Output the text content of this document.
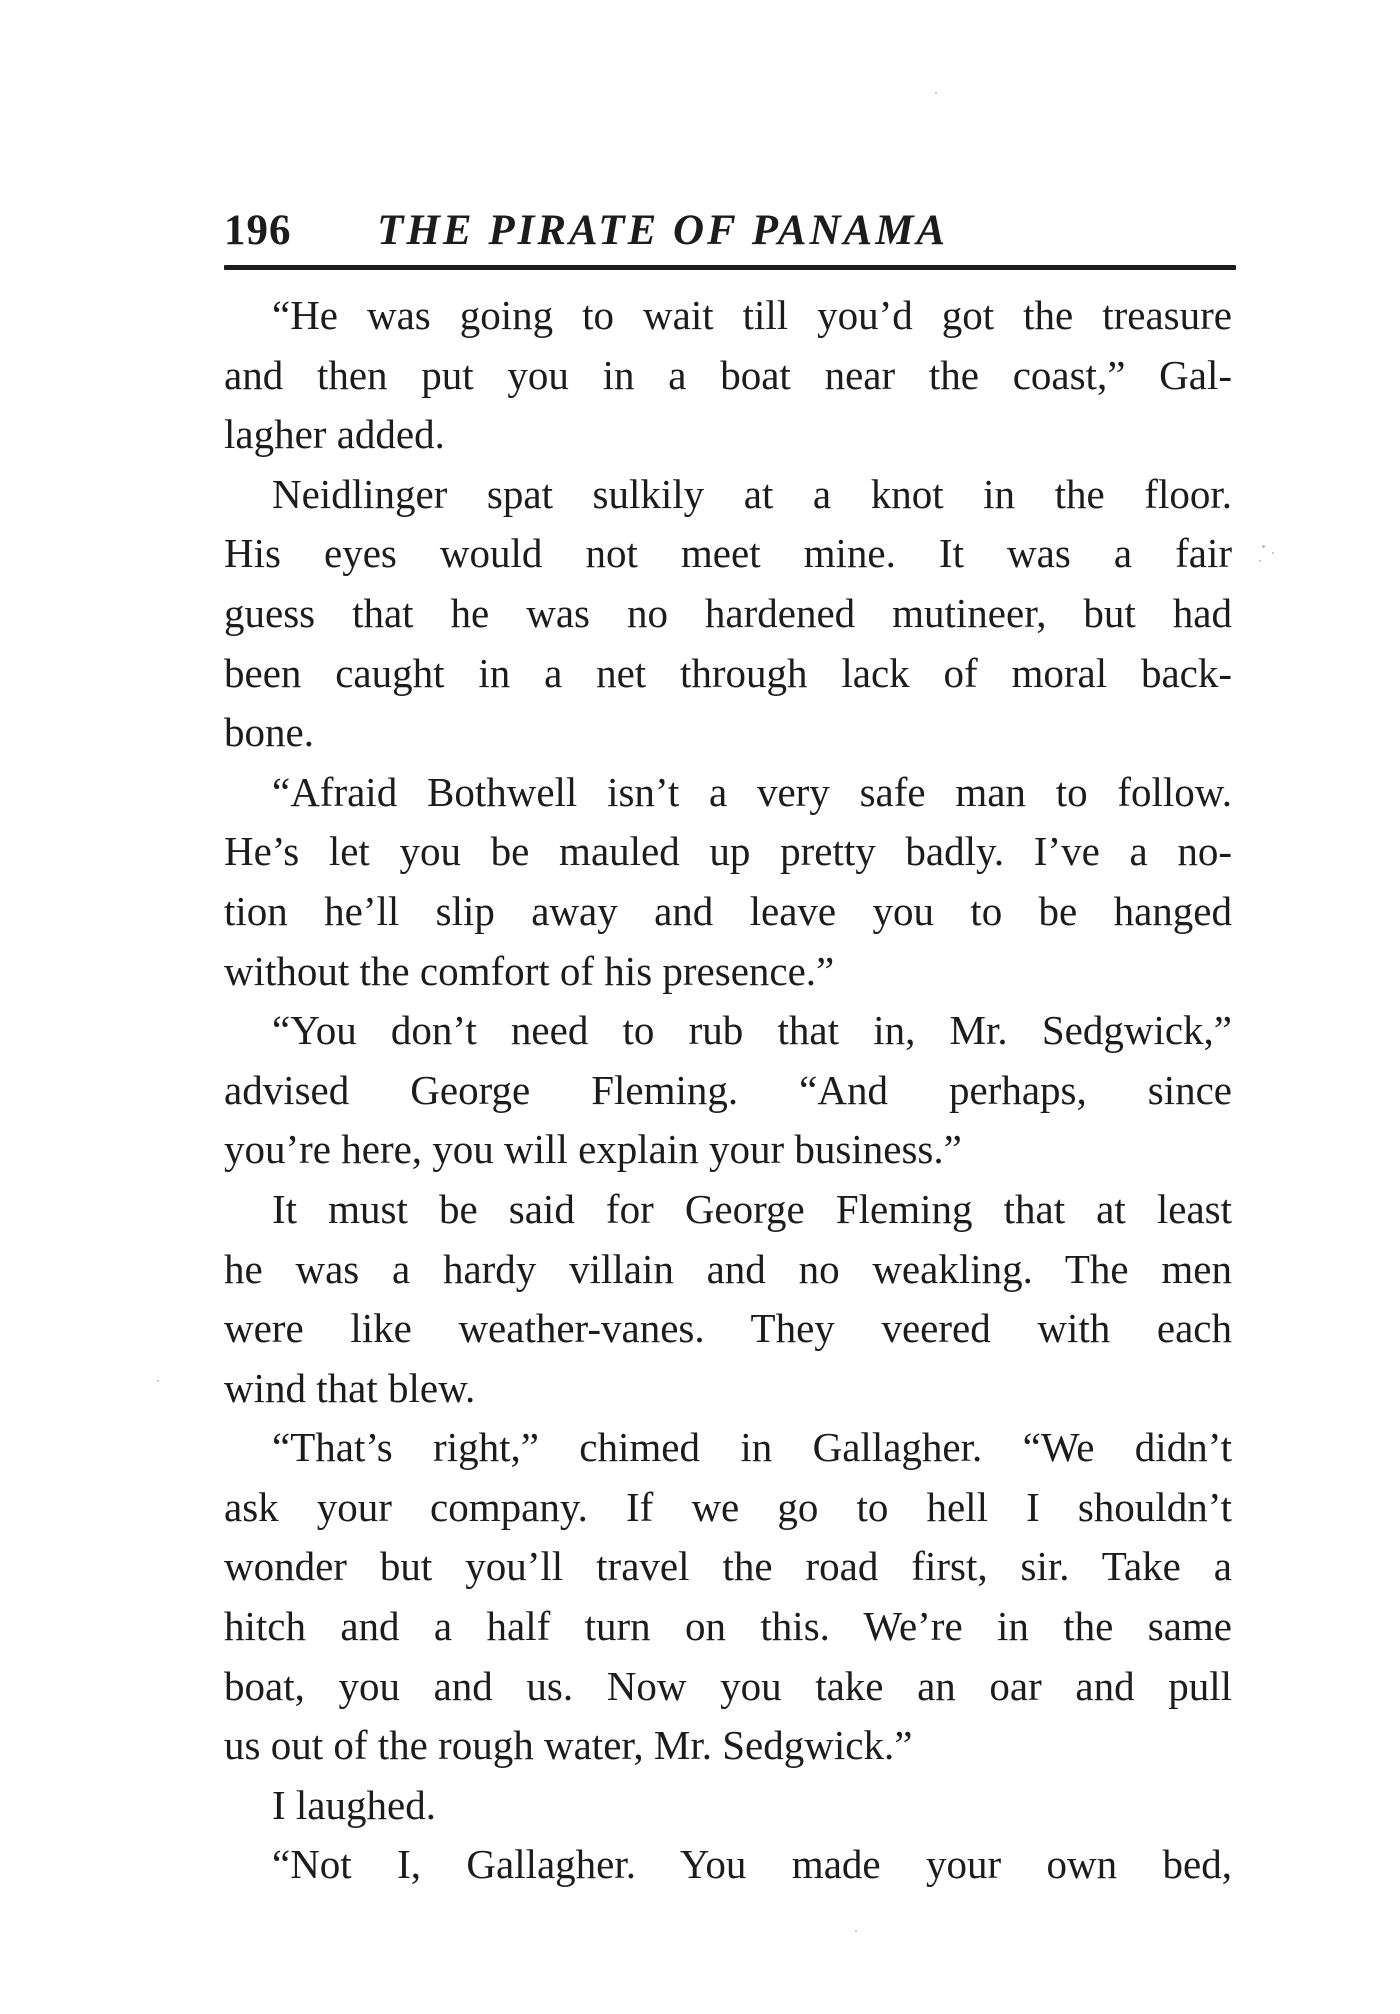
196 THE PIRATE OF PANAMA
“He was going to wait till you’d got the treasure
and then put you in a boat near the coast,” Gal-
lagher added.
Neidlinger spat sulkily at a knot in the floor.
His eyes would not meet mine. It was a fair
guess that he was no hardened mutineer, but had
been caught in a net through lack of moral back-
bone.
“Afraid Bothwell isn’t a very safe man to follow.
He’s let you be mauled up pretty badly. I’ve a no-
tion he’ll slip away and leave you to be hanged
without the comfort of his presence.”
“You don’t need to rub that in, Mr. Sedgwick,”
advised George Fleming. “And perhaps, since
you’re here, you will explain your business.”
It must be said for George Fleming that at least
he was a hardy villain and no weakling. The men
were like weather-vanes. They veered with each
wind that blew.
“That’s right,” chimed in Gallagher. “We didn’t
ask your company. If we go to hell I shouldn’t
wonder but you’ll travel the road first, sir. Take a
hitch and a half turn on this. We’re in the same
boat, you and us. Now you take an oar and pull
us out of the rough water, Mr. Sedgwick.”
I laughed.
“Not I, Gallagher. You made your own bed,
